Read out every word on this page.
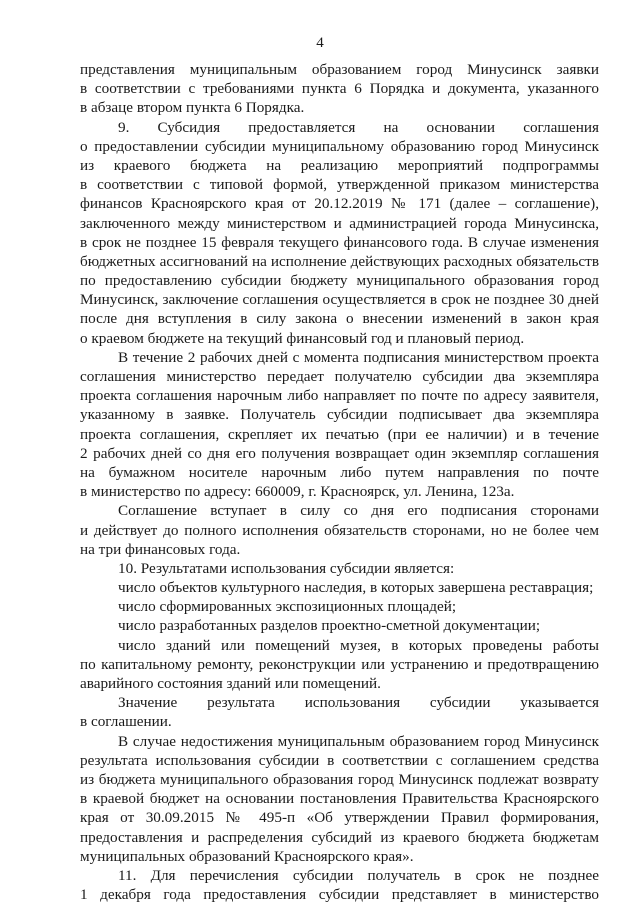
4
представления муниципальным образованием город Минусинск заявки
в соответствии с требованиями пункта 6 Порядка и документа, указанного
в абзаце втором пункта 6 Порядка.
9. Субсидия предоставляется на основании соглашения
о предоставлении субсидии муниципальному образованию город Минусинск
из краевого бюджета на реализацию мероприятий подпрограммы
в соответствии с типовой формой, утвержденной приказом министерства
финансов Красноярского края от 20.12.2019 № 171 (далее – соглашение),
заключенного между министерством и администрацией города Минусинска,
в срок не позднее 15 февраля текущего финансового года. В случае изменения
бюджетных ассигнований на исполнение действующих расходных обязательств
по предоставлению субсидии бюджету муниципального образования город
Минусинск, заключение соглашения осуществляется в срок не позднее 30 дней
после дня вступления в силу закона о внесении изменений в закон края
о краевом бюджете на текущий финансовый год и плановый период.
В течение 2 рабочих дней с момента подписания министерством проекта
соглашения министерство передает получателю субсидии два экземпляра
проекта соглашения нарочным либо направляет по почте по адресу заявителя,
указанному в заявке. Получатель субсидии подписывает два экземпляра
проекта соглашения, скрепляет их печатью (при ее наличии) и в течение
2 рабочих дней со дня его получения возвращает один экземпляр соглашения
на бумажном носителе нарочным либо путем направления по почте
в министерство по адресу: 660009, г. Красноярск, ул. Ленина, 123а.
Соглашение вступает в силу со дня его подписания сторонами
и действует до полного исполнения обязательств сторонами, но не более чем
на три финансовых года.
10. Результатами использования субсидии является:
число объектов культурного наследия, в которых завершена реставрация;
число сформированных экспозиционных площадей;
число разработанных разделов проектно-сметной документации;
число зданий или помещений музея, в которых проведены работы
по капитальному ремонту, реконструкции или устранению и предотвращению
аварийного состояния зданий или помещений.
Значение результата использования субсидии указывается
в соглашении.
В случае недостижения муниципальным образованием город Минусинск
результата использования субсидии в соответствии с соглашением средства
из бюджета муниципального образования город Минусинск подлежат возврату
в краевой бюджет на основании постановления Правительства Красноярского
края от 30.09.2015 № 495-п «Об утверждении Правил формирования,
предоставления и распределения субсидий из краевого бюджета бюджетам
муниципальных образований Красноярского края».
11. Для перечисления субсидии получатель в срок не позднее
1 декабря года предоставления субсидии представляет в министерство
